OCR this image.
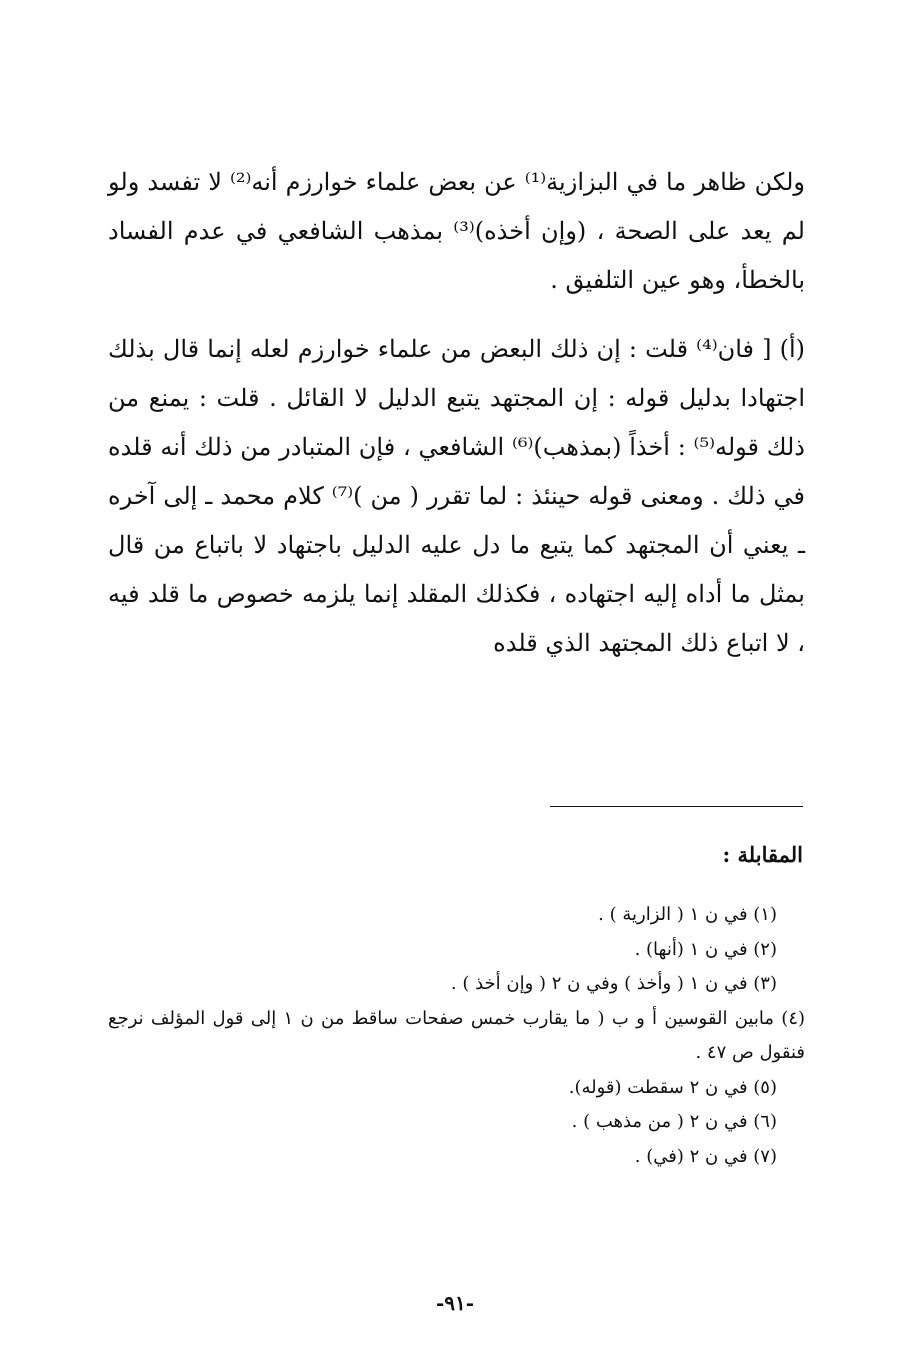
ولكن ظاهر ما في البزازية⁽¹⁾ عن بعض علماء خوارزم أنه⁽²⁾ لا تفسد ولو لم يعد على الصحة ، (وإن أخذه)⁽³⁾ بمذهب الشافعي في عدم الفساد بالخطأ، وهو عين التلفيق .

(أ) [ فان⁽⁴⁾ قلت : إن ذلك البعض من علماء خوارزم لعله إنما قال بذلك اجتهادا بدليل قوله : إن المجتهد يتبع الدليل لا القائل . قلت : يمنع من ذلك قوله⁽⁵⁾ : أخذاً (بمذهب)⁽⁶⁾ الشافعي ، فإن المتبادر من ذلك أنه قلده في ذلك . ومعنى قوله حينئذ : لما تقرر ( من )⁽⁷⁾ كلام محمد ـ إلى آخره ـ يعني أن المجتهد كما يتبع ما دل عليه الدليل باجتهاد لا باتباع من قال بمثل ما أداه إليه اجتهاده ، فكذلك المقلد إنما يلزمه خصوص ما قلد فيه ، لا اتباع ذلك المجتهد الذي قلده

المقابلة :
(١) في ن ١ ( الزارية ) .
(٢) في ن ١ (أنها) .
(٣) في ن ١ ( وأخذ ) وفي ن ٢ ( وإن أخذ ) .
(٤) مابين القوسين أ و ب ( ما يقارب خمس صفحات ساقط من ن ١ إلى قول المؤلف نرجع فنقول ص ٤٧ .
(٥) في ن ٢ سقطت (قوله).
(٦) في ن ٢ ( من مذهب ) .
(٧) في ن ٢ (في) .
-٩١-
